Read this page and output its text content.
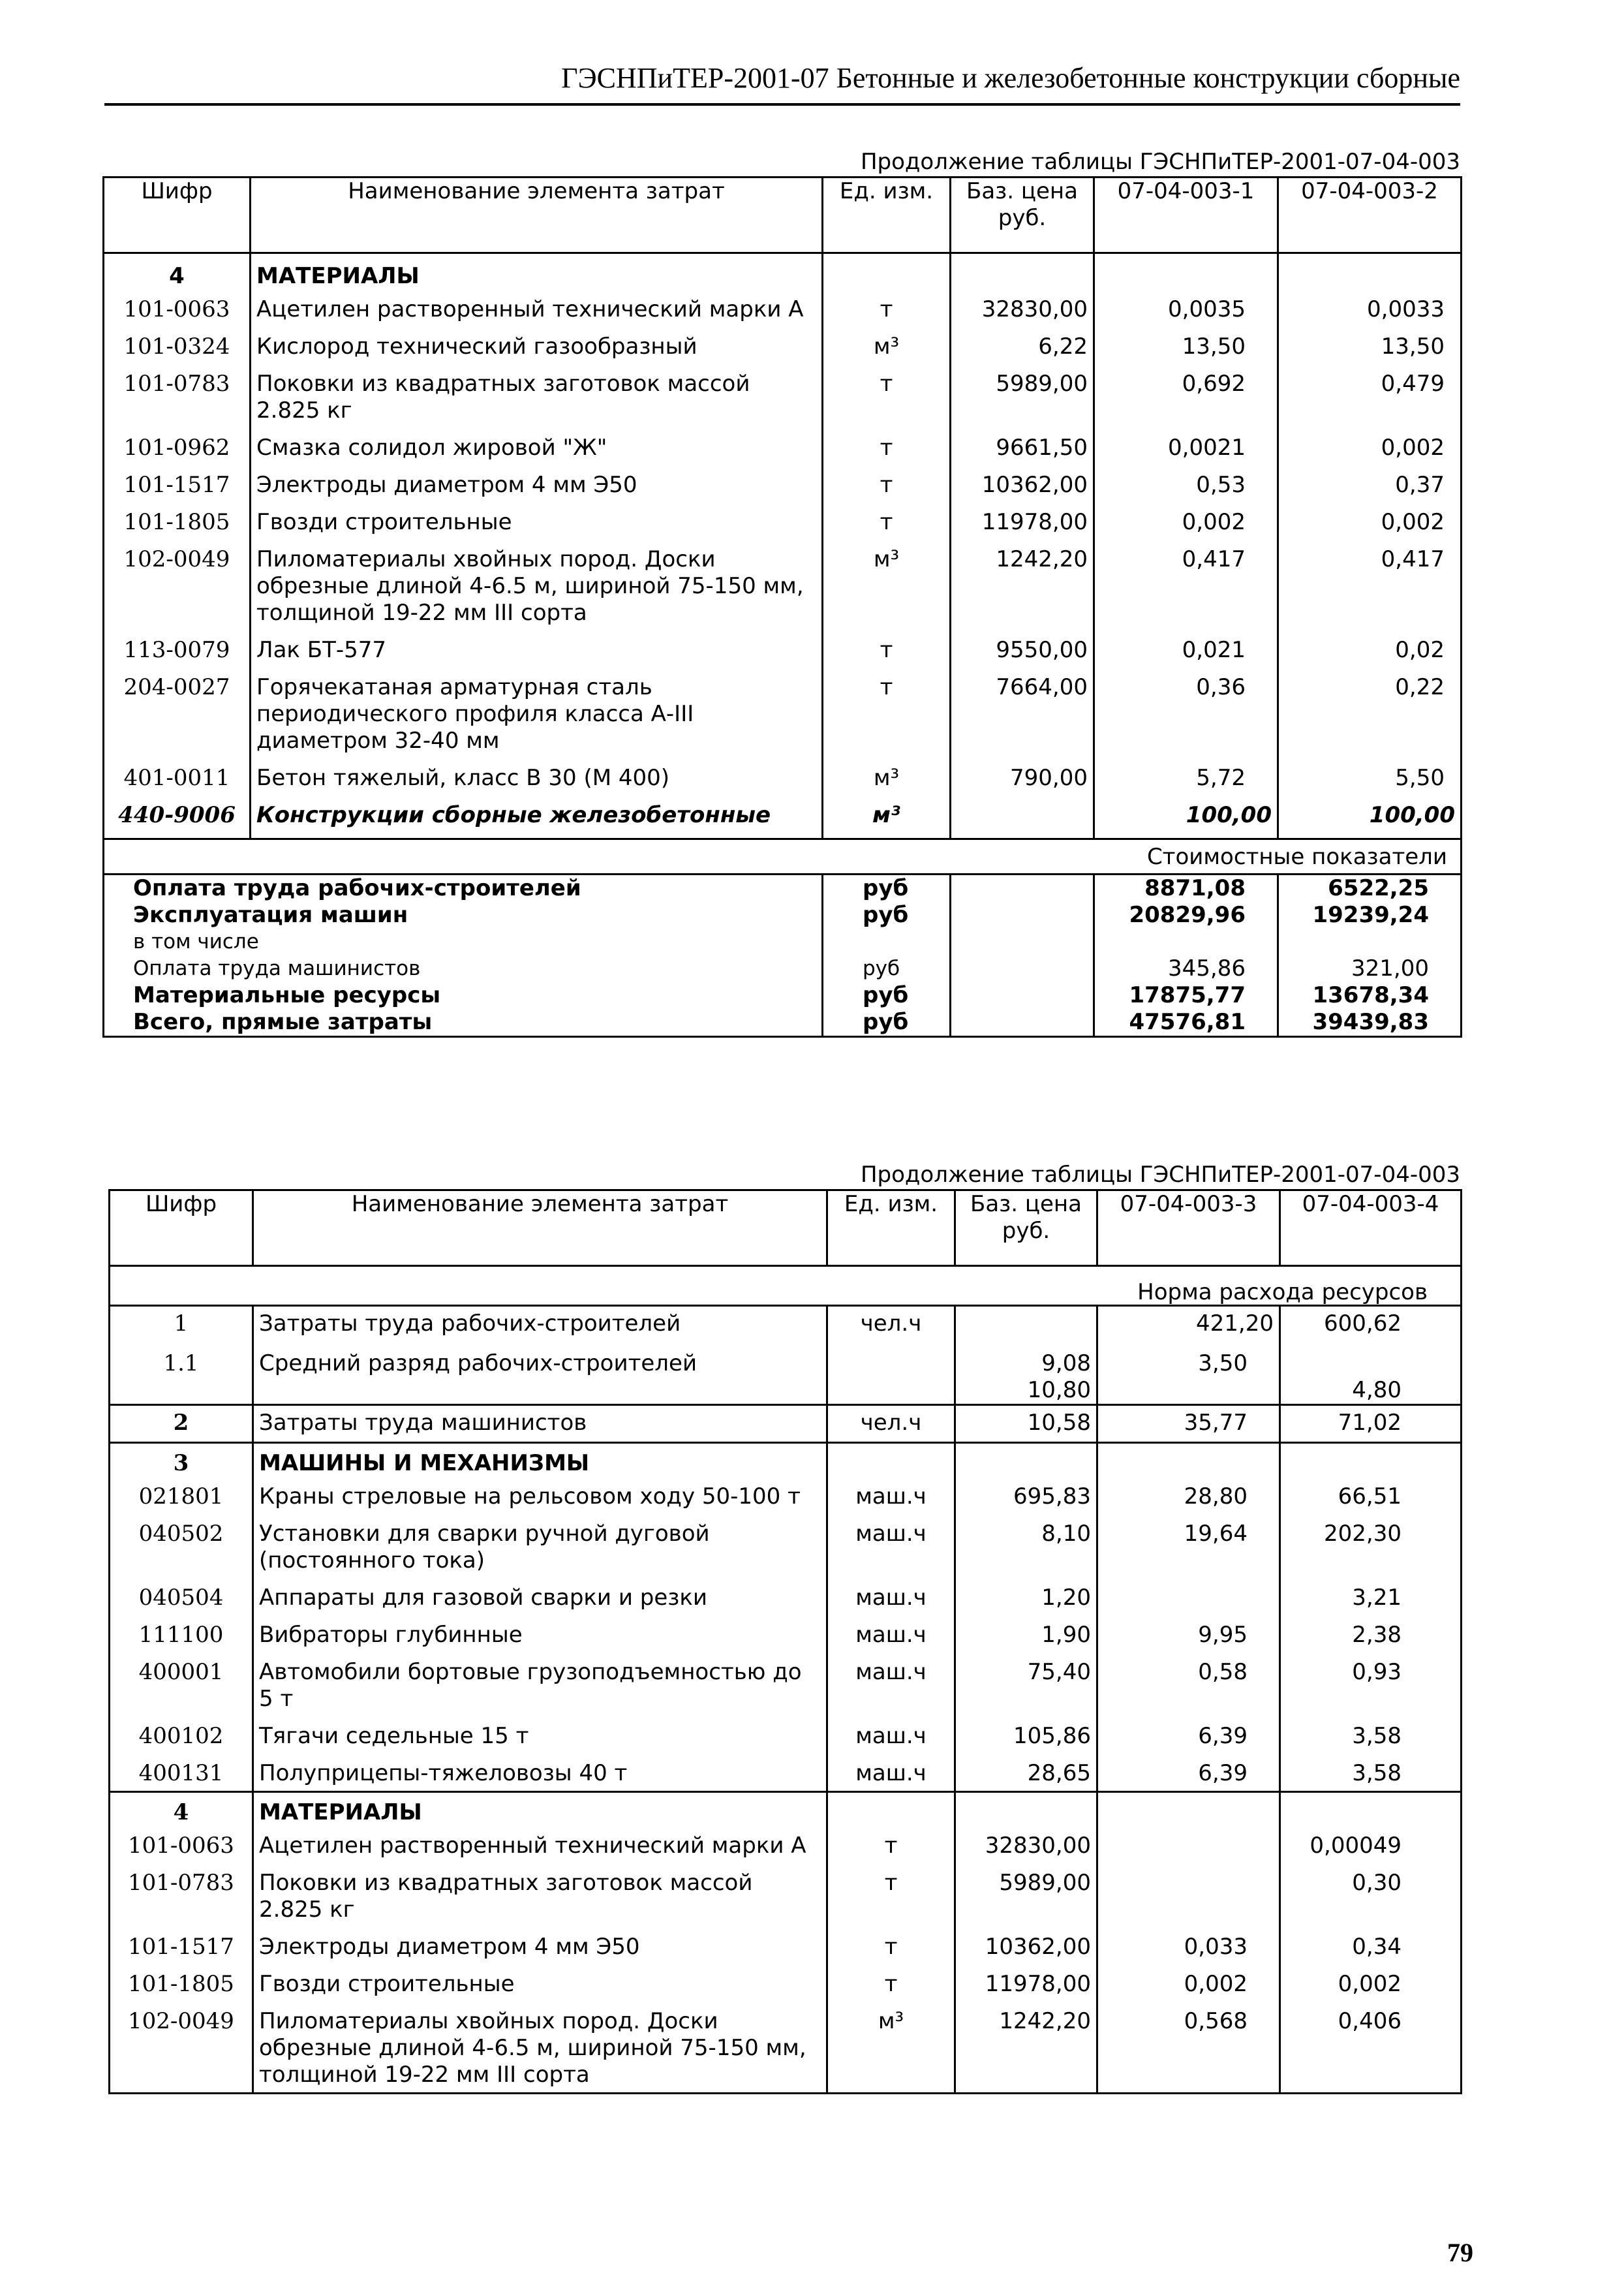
ГЭСНПиТЕР-2001-07 Бетонные и железобетонные конструкции сборные
Продолжение таблицы ГЭСНПиТЕР-2001-07-04-003
Шифр	Наименование элемента затрат	Ед. изм.	Баз. цена руб.	07-04-003-1	07-04-003-2
4	МАТЕРИАЛЫ				
101-0063	Ацетилен растворенный технический марки А	т	32830,00	0,0035	0,0033
101-0324	Кислород технический газообразный	м³	6,22	13,50	13,50
101-0783	Поковки из квадратных заготовок массой 2.825 кг	т	5989,00	0,692	0,479
101-0962	Смазка солидол жировой "Ж"	т	9661,50	0,0021	0,002
101-1517	Электроды диаметром 4 мм Э50	т	10362,00	0,53	0,37
101-1805	Гвозди строительные	т	11978,00	0,002	0,002
102-0049	Пиломатериалы хвойных пород. Доски обрезные длиной 4-6.5 м, шириной 75-150 мм, толщиной 19-22 мм III сорта	м³	1242,20	0,417	0,417
113-0079	Лак БТ-577	т	9550,00	0,021	0,02
204-0027	Горячекатаная арматурная сталь периодического профиля класса А-III диаметром 32-40 мм	т	7664,00	0,36	0,22
401-0011	Бетон тяжелый, класс В 30 (М 400)	м³	790,00	5,72	5,50
440-9006	Конструкции сборные железобетонные	м³		100,00	100,00
Стоимостные показатели					
Оплата труда рабочих-строителей		руб		8871,08	6522,25
Эксплуатация машин		руб		20829,96	19239,24
в том числе					
Оплата труда машинистов		руб		345,86	321,00
Материальные ресурсы		руб		17875,77	13678,34
Всего, прямые затраты		руб		47576,81	39439,83
Продолжение таблицы ГЭСНПиТЕР-2001-07-04-003
Шифр	Наименование элемента затрат	Ед. изм.	Баз. цена руб.	07-04-003-3	07-04-003-4
Норма расхода ресурсов					
1	Затраты труда рабочих-строителей	чел.ч		421,20	600,62
1.1	Средний разряд рабочих-строителей		9,08	3,50	
			10,80		4,80
2	Затраты труда машинистов	чел.ч	10,58	35,77	71,02
3	МАШИНЫ И МЕХАНИЗМЫ				
021801	Краны стреловые на рельсовом ходу 50-100 т	маш.ч	695,83	28,80	66,51
040502	Установки для сварки ручной дуговой (постоянного тока)	маш.ч	8,10	19,64	202,30
040504	Аппараты для газовой сварки и резки	маш.ч	1,20		3,21
111100	Вибраторы глубинные	маш.ч	1,90	9,95	2,38
400001	Автомобили бортовые грузоподъемностью до 5 т	маш.ч	75,40	0,58	0,93
400102	Тягачи седельные 15 т	маш.ч	105,86	6,39	3,58
400131	Полуприцепы-тяжеловозы 40 т	маш.ч	28,65	6,39	3,58
4	МАТЕРИАЛЫ				
101-0063	Ацетилен растворенный технический марки А	т	32830,00		0,00049
101-0783	Поковки из квадратных заготовок массой 2.825 кг	т	5989,00		0,30
101-1517	Электроды диаметром 4 мм Э50	т	10362,00	0,033	0,34
101-1805	Гвозди строительные	т	11978,00	0,002	0,002
102-0049	Пиломатериалы хвойных пород. Доски обрезные длиной 4-6.5 м, шириной 75-150 мм, толщиной 19-22 мм III сорта	м³	1242,20	0,568	0,406
79
